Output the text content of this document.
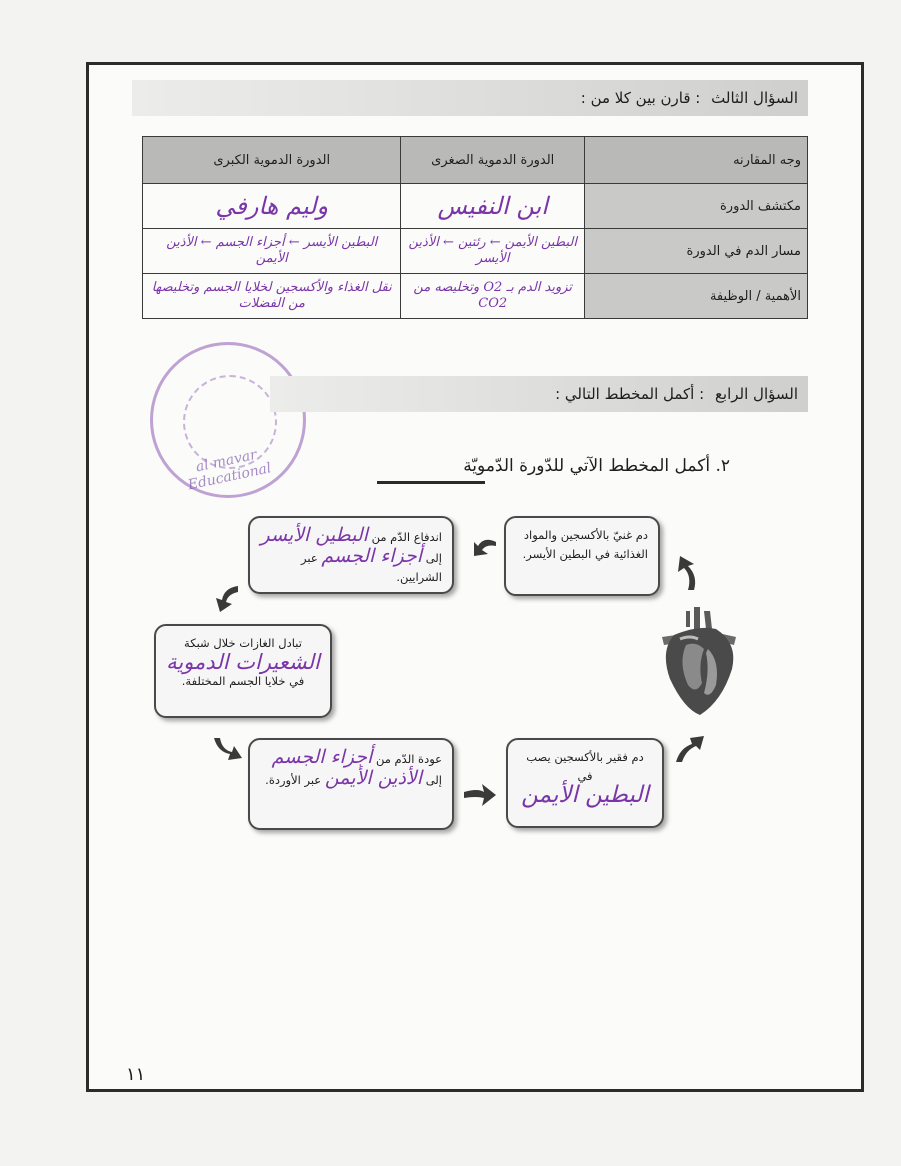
السؤال الثالث : قارن بين كلا من :
وجه المقارنه	الدورة الدموية الصغرى	الدورة الدموية الكبرى
مكتشف الدورة	ابن النفيس	وليم هارفي
مسار الدم في الدورة	البطين الأيمن ← رئتين ← الأذين الأيسر	البطين الأيسر ← أجزاء الجسم ← الأذين الأيمن
الأهمية / الوظيفة	تزويد الدم بـ O2 وتخليصه من CO2	نقل الغذاء والأكسجين لخلايا الجسم وتخليصها من الفضلات
al mavar Educational
السؤال الرابع : أكمل المخطط التالي :
٢. أكمل المخطط الآتي للدّورة الدّمويّة
دم غنيّ بالأكسجين والمواد الغذائية في البطين الأيسر.
اندفاع الدّم من البطين الأيسر
إلى أجزاء الجسم عبر الشرايين.
تبادل الغازات خلال شبكة
الشعيرات الدموية
في خلايا الجسم المختلفة.
عودة الدّم من أجزاء الجسم
إلى الأذين الأيمن عبر الأوردة.
دم فقير بالأكسجين يصب في
البطين الأيمن
١١
